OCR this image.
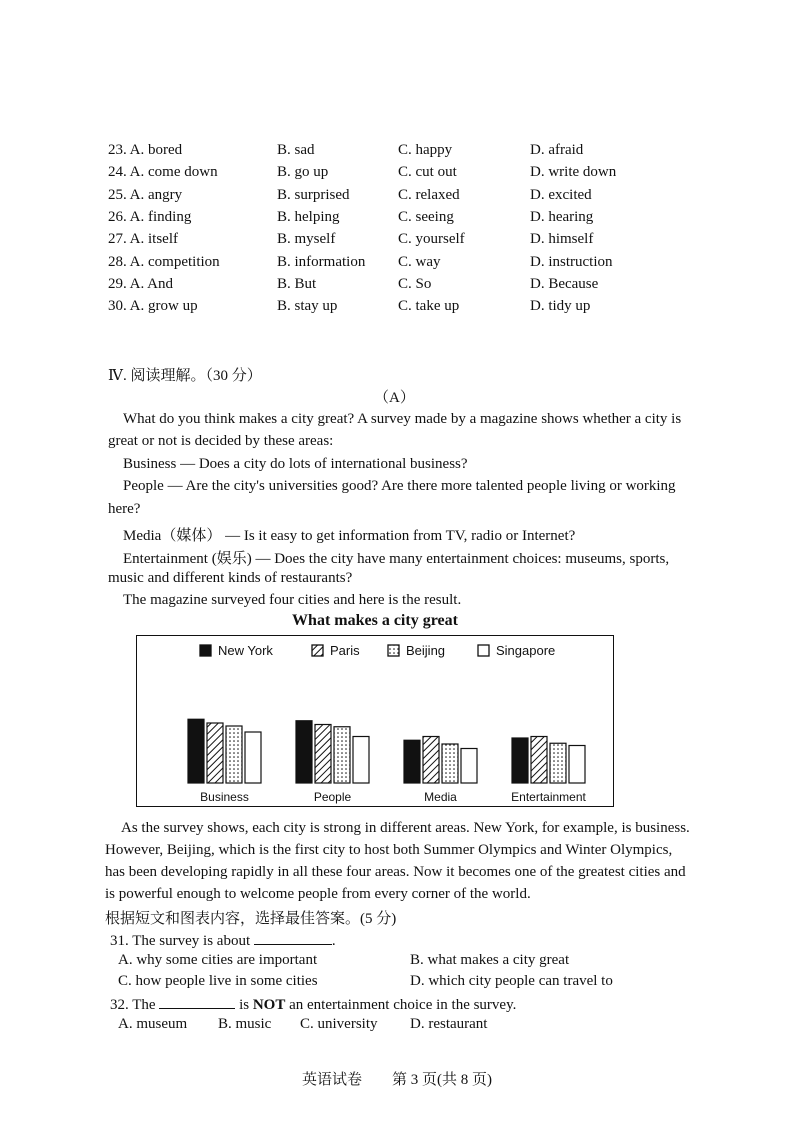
23. A. bored	B. sad	C. happy	D. afraid
24. A. come down	B. go up	C. cut out	D. write down
25. A. angry	B. surprised	C. relaxed	D. excited
26. A. finding	B. helping	C. seeing	D. hearing
27. A. itself	B. myself	C. yourself	D. himself
28. A. competition	B. information C. way	D. instruction
29. A. And	B. But	C. So	D. Because
30. A. grow up	B. stay up	C. take up	D. tidy up
Ⅳ. 阅读理解。（30 分）
（A）
What do you think makes a city great? A survey made by a magazine shows whether a city is
great or not is decided by these areas:
Business — Does a city do lots of international business?
People — Are the city's universities good? Are there more talented people living or working
here?
Media（媒体） — Is it easy to get information from TV, radio or Internet?
Entertainment (娱乐) — Does the city have many entertainment choices: museums, sports,
music and different kinds of restaurants?
The magazine surveyed four cities and here is the result.
What makes a city great
New York	Paris	Beijing	Singapore
Business	People	Media	Entertainment
As the survey shows, each city is strong in different areas. New York, for example, is business.
However, Beijing, which is the first city to host both Summer Olympics and Winter Olympics,
has been developing rapidly in all these four areas. Now it becomes one of the greatest cities and
is powerful enough to welcome people from every corner of the world.
根据短文和图表内容，选择最佳答案。(5 分)
31. The survey is about	.
A. why some cities are important	B. what makes a city great
C. how people live in some cities	D. which city people can travel to
32. The	is NOT an entertainment choice in the survey.
A. museum B. music C. university D. restaurant
英语试卷　　第 3 页(共 8 页)
